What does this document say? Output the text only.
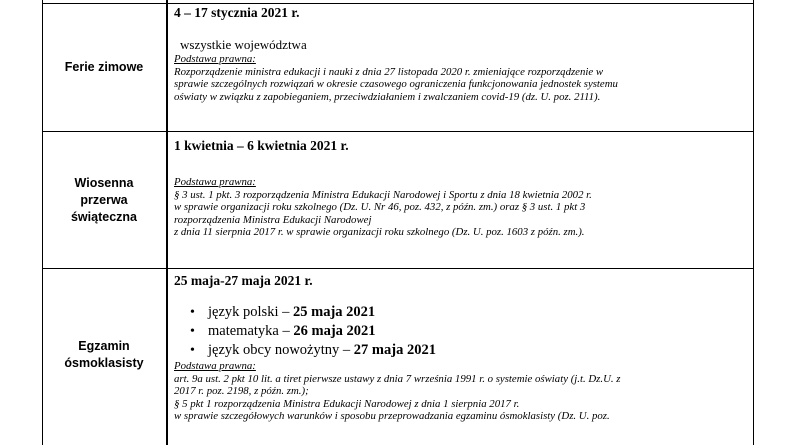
Ferie zimowe
4 – 17 stycznia 2021 r.
wszystkie województwa
Podstawa prawna:
Rozporządzenie ministra edukacji i nauki z dnia 27 listopada 2020 r. zmieniające rozporządzenie w
sprawie szczególnych rozwiązań w okresie czasowego ograniczenia funkcjonowania jednostek systemu
oświaty w związku z zapobieganiem, przeciwdziałaniem i zwalczaniem covid-19 (dz. U. poz. 2111).
Wiosenna
przerwa
świąteczna
1 kwietnia – 6 kwietnia 2021 r.
Podstawa prawna:
§ 3 ust. 1 pkt. 3 rozporządzenia Ministra Edukacji Narodowej i Sportu z dnia 18 kwietnia 2002 r.
w sprawie organizacji roku szkolnego (Dz. U. Nr 46, poz. 432, z późn. zm.) oraz § 3 ust. 1 pkt 3
rozporządzenia Ministra Edukacji Narodowej
z dnia 11 sierpnia 2017 r. w sprawie organizacji roku szkolnego (Dz. U. poz. 1603 z późn. zm.).
Egzamin
ósmoklasisty
25 maja-27 maja 2021 r.
• język polski –
25 maja 2021
• matematyka –
26 maja 2021
• język obcy nowożytny –
27 maja 2021
Podstawa prawna:
art. 9a ust. 2 pkt 10 lit. a tiret pierwsze ustawy z dnia 7 września 1991 r. o systemie oświaty (j.t. Dz.U. z
2017 r. poz. 2198, z późn. zm.);
§ 5 pkt 1 rozporządzenia Ministra Edukacji Narodowej z dnia 1 sierpnia 2017 r.
w sprawie szczegółowych warunków i sposobu przeprowadzania egzaminu ósmoklasisty (Dz. U. poz.
